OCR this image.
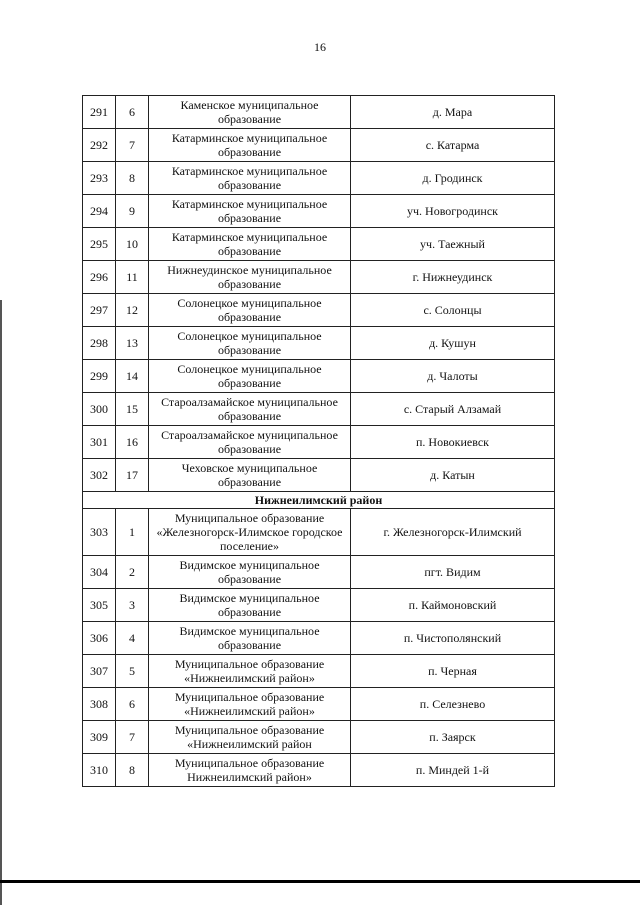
16
291	6	Каменское муниципальное образование	д. Мара
292	7	Катарминское муниципальное образование	с. Катарма
293	8	Катарминское муниципальное образование	д. Гродинск
294	9	Катарминское муниципальное образование	уч. Новогродинск
295	10	Катарминское муниципальное образование	уч. Таежный
296	11	Нижнеудинское муниципальное образование	г. Нижнеудинск
297	12	Солонецкое муниципальное образование	с. Солонцы
298	13	Солонецкое муниципальное образование	д. Кушун
299	14	Солонецкое муниципальное образование	д. Чалоты
300	15	Староалзамайское муниципальное образование	с. Старый Алзамай
301	16	Староалзамайское муниципальное образование	п. Новокиевск
302	17	Чеховское муниципальное образование	д. Катын
Нижнеилимский район			
303	1	Муниципальное образование «Железногорск-Илимское городское поселение»	г. Железногорск-Илимский
304	2	Видимское муниципальное образование	пгт. Видим
305	3	Видимское муниципальное образование	п. Каймоновский
306	4	Видимское муниципальное образование	п. Чистополянский
307	5	Муниципальное образование «Нижнеилимский район»	п. Черная
308	6	Муниципальное образование «Нижнеилимский район»	п. Селезнево
309	7	Муниципальное образование «Нижнеилимский район	п. Заярск
310	8	Муниципальное образование Нижнеилимский район»	п. Миндей 1-й
